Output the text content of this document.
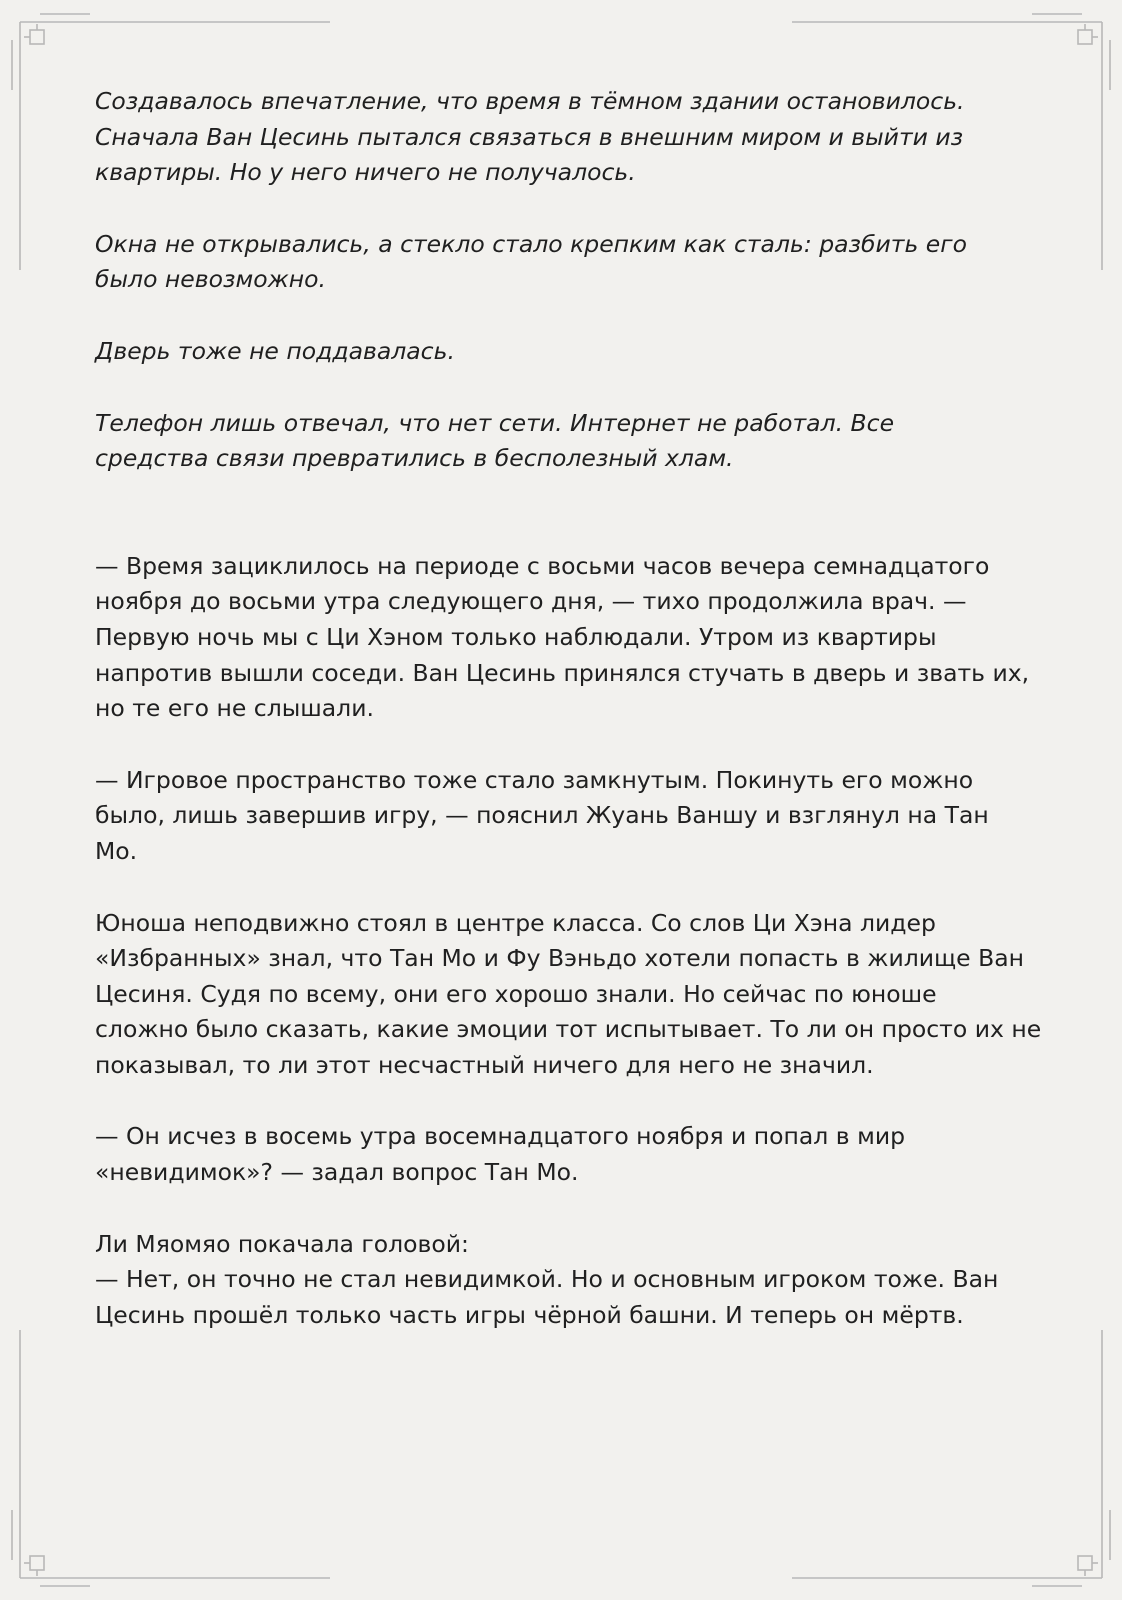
Создавалось впечатление, что время в тёмном здании остановилось.
Сначала Ван Цесинь пытался связаться в внешним миром и выйти из
квартиры. Но у него ничего не получалось.

Окна не открывались, а стекло стало крепким как сталь: разбить его
было невозможно.

Дверь тоже не поддавалась.

Телефон лишь отвечал, что нет сети. Интернет не работал. Все
средства связи превратились в бесполезный хлам.

— Время зациклилось на периоде с восьми часов вечера семнадцатого
ноября до восьми утра следующего дня, — тихо продолжила врач. —
Первую ночь мы с Ци Хэном только наблюдали. Утром из квартиры
напротив вышли соседи. Ван Цесинь принялся стучать в дверь и звать их,
но те его не слышали.

— Игровое пространство тоже стало замкнутым. Покинуть его можно
было, лишь завершив игру, — пояснил Жуань Ваншу и взглянул на Тан
Мо.

Юноша неподвижно стоял в центре класса. Со слов Ци Хэна лидер
«Избранных» знал, что Тан Мо и Фу Вэньдо хотели попасть в жилище Ван
Цесиня. Судя по всему, они его хорошо знали. Но сейчас по юноше
сложно было сказать, какие эмоции тот испытывает. То ли он просто их не
показывал, то ли этот несчастный ничего для него не значил.

— Он исчез в восемь утра восемнадцатого ноября и попал в мир
«невидимок»? — задал вопрос Тан Мо.

Ли Мяомяо покачала головой:
— Нет, он точно не стал невидимкой. Но и основным игроком тоже. Ван
Цесинь прошёл только часть игры чёрной башни. И теперь он мёртв.
